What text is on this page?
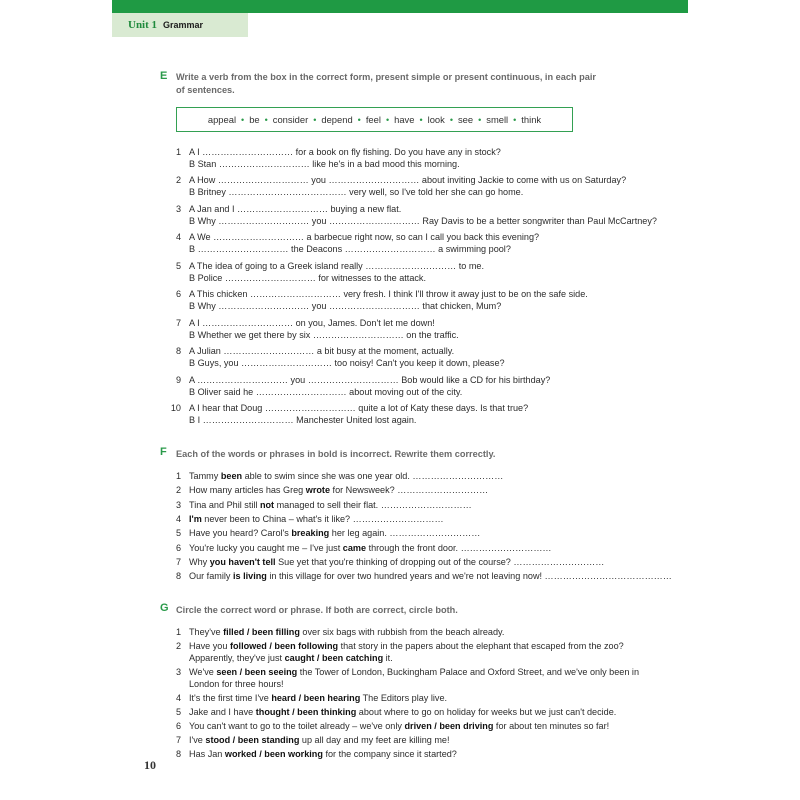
Unit 1 Grammar
E Write a verb from the box in the correct form, present simple or present continuous, in each pair
of sentences.
appeal • be • consider • depend • feel • have • look • see • smell • think
1 A I ………………………… for a book on fly fishing. Do you have any in stock?
B Stan ………………………… like he's in a bad mood this morning.
2 A How ………………………… you ………………………… about inviting Jackie to come with us on Saturday?
B Britney ………………………………… very well, so I've told her she can go home.
3 A Jan and I ………………………… buying a new flat.
B Why ………………………… you ………………………… Ray Davis to be a better songwriter than Paul McCartney?
4 A We ………………………… a barbecue right now, so can I call you back this evening?
B ………………………… the Deacons ………………………… a swimming pool?
5 A The idea of going to a Greek island really ………………………… to me.
B Police ………………………… for witnesses to the attack.
6 A This chicken ………………………… very fresh. I think I'll throw it away just to be on the safe side.
B Why ………………………… you ………………………… that chicken, Mum?
7 A I ………………………… on you, James. Don't let me down!
B Whether we get there by six ………………………… on the traffic.
8 A Julian ………………………… a bit busy at the moment, actually.
B Guys, you ………………………… too noisy! Can't you keep it down, please?
9 A ………………………… you ………………………… Bob would like a CD for his birthday?
B Oliver said he ………………………… about moving out of the city.
10 A I hear that Doug ………………………… quite a lot of Katy these days. Is that true?
B I ………………………… Manchester United lost again.
F Each of the words or phrases in bold is incorrect. Rewrite them correctly.
1 Tammy been able to swim since she was one year old. …………………………
2 How many articles has Greg wrote for Newsweek? …………………………
3 Tina and Phil still not managed to sell their flat. …………………………
4 I'm never been to China – what's it like? …………………………
5 Have you heard? Carol's breaking her leg again. …………………………
6 You're lucky you caught me – I've just came through the front door. …………………………
7 Why you haven't tell Sue yet that you're thinking of dropping out of the course? …………………………
8 Our family is living in this village for over two hundred years and we're not leaving now! ……………………………………
G Circle the correct word or phrase. If both are correct, circle both.
1 They've filled / been filling over six bags with rubbish from the beach already.
2 Have you followed / been following that story in the papers about the elephant that escaped from the zoo?
Apparently, they've just caught / been catching it.
3 We've seen / been seeing the Tower of London, Buckingham Palace and Oxford Street, and we've only been in
London for three hours!
4 It's the first time I've heard / been hearing The Editors play live.
5 Jake and I have thought / been thinking about where to go on holiday for weeks but we just can't decide.
6 You can't want to go to the toilet already – we've only driven / been driving for about ten minutes so far!
7 I've stood / been standing up all day and my feet are killing me!
8 Has Jan worked / been working for the company since it started?
10
